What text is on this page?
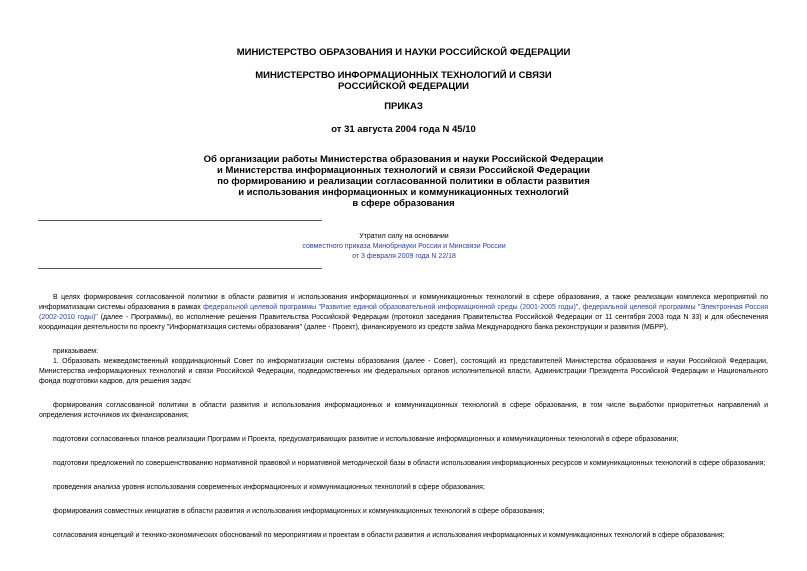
МИНИСТЕРСТВО ОБРАЗОВАНИЯ И НАУКИ РОССИЙСКОЙ ФЕДЕРАЦИИ
МИНИСТЕРСТВО ИНФОРМАЦИОННЫХ ТЕХНОЛОГИЙ И СВЯЗИ
РОССИЙСКОЙ ФЕДЕРАЦИИ
ПРИКАЗ
от 31 августа 2004 года N 45/10
Об организации работы Министерства образования и науки Российской Федерации
и Министерства информационных технологий и связи Российской Федерации
по формированию и реализации согласованной политики в области развития
и использования информационных и коммуникационных технологий
в сфере образования
Утратил силу на основании
совместного приказа Минобрнауки России и Минсвязи России
от 3 февраля 2009 года N 22/18

В целях формирования согласованной политики в области развития и использования информационных и коммуникационных технологий в сфере образования, а также реализации комплекса мероприятий по информатизации системы образования в рамках федеральной целевой программы "Развитие единой образовательной информационной среды (2001-2005 годы)", федеральной целевой программы "Электронная Россия (2002-2010 годы)" (далее - Программы), во исполнение решения Правительства Российской Федерации (протокол заседания Правительства Российской Федерации от 11 сентября 2003 года N 33) и для обеспечения координации деятельности по проекту "Информатизация системы образования" (далее - Проект), финансируемого из средств займа Международного банка реконструкции и развития (МБРР),

приказываем:

1. Образовать межведомственный координационный Совет по информатизации системы образования (далее - Совет), состоящий из представителей Министерства образования и науки Российской Федерации, Министерства информационных технологий и связи Российской Федерации, подведомственных им федеральных органов исполнительной власти, Администрации Президента Российской Федерации и Национального фонда подготовки кадров, для решения задач:

формирования согласованной политики в области развития и использования информационных и коммуникационных технологий в сфере образования, в том числе выработки приоритетных направлений и определения источников их финансирования;

подготовки согласованных планов реализации Программ и Проекта, предусматривающих развитие и использование информационных и коммуникационных технологий в сфере образования;

подготовки предложений по совершенствованию нормативной правовой и нормативной методической базы в области использования информационных ресурсов и коммуникационных технологий в сфере образования;

проведения анализа уровня использования современных информационных и коммуникационных технологий в сфере образования;

формирования совместных инициатив в области развития и использования информационных и коммуникационных технологий в сфере образования;

согласования концепций и технико-экономических обоснований по мероприятиям и проектам в области развития и использования информационных и коммуникационных технологий в сфере образования;
